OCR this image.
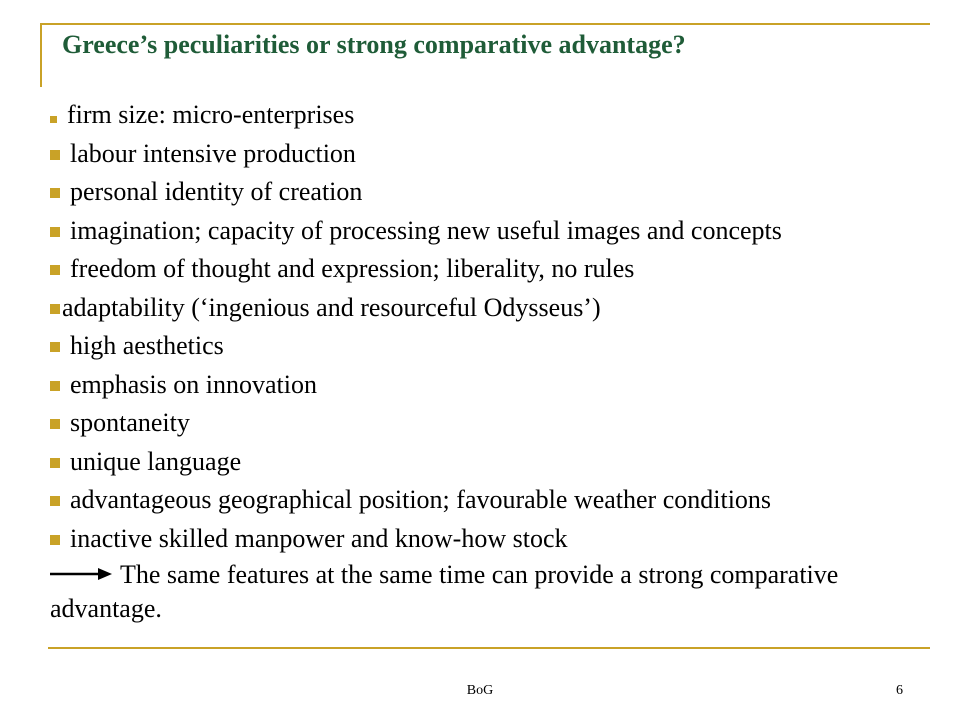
Greece’s peculiarities or strong comparative advantage?
firm size: micro-enterprises
labour intensive production
personal identity of creation
imagination; capacity of processing new useful images and concepts
freedom of thought and expression; liberality, no rules
adaptability (‘ingenious and resourceful Odysseus’)
high aesthetics
emphasis on innovation
spontaneity
unique language
advantageous geographical position; favourable weather conditions
inactive skilled manpower and know-how stock
The same features at the same time can provide a strong comparative advantage.
BoG	6
